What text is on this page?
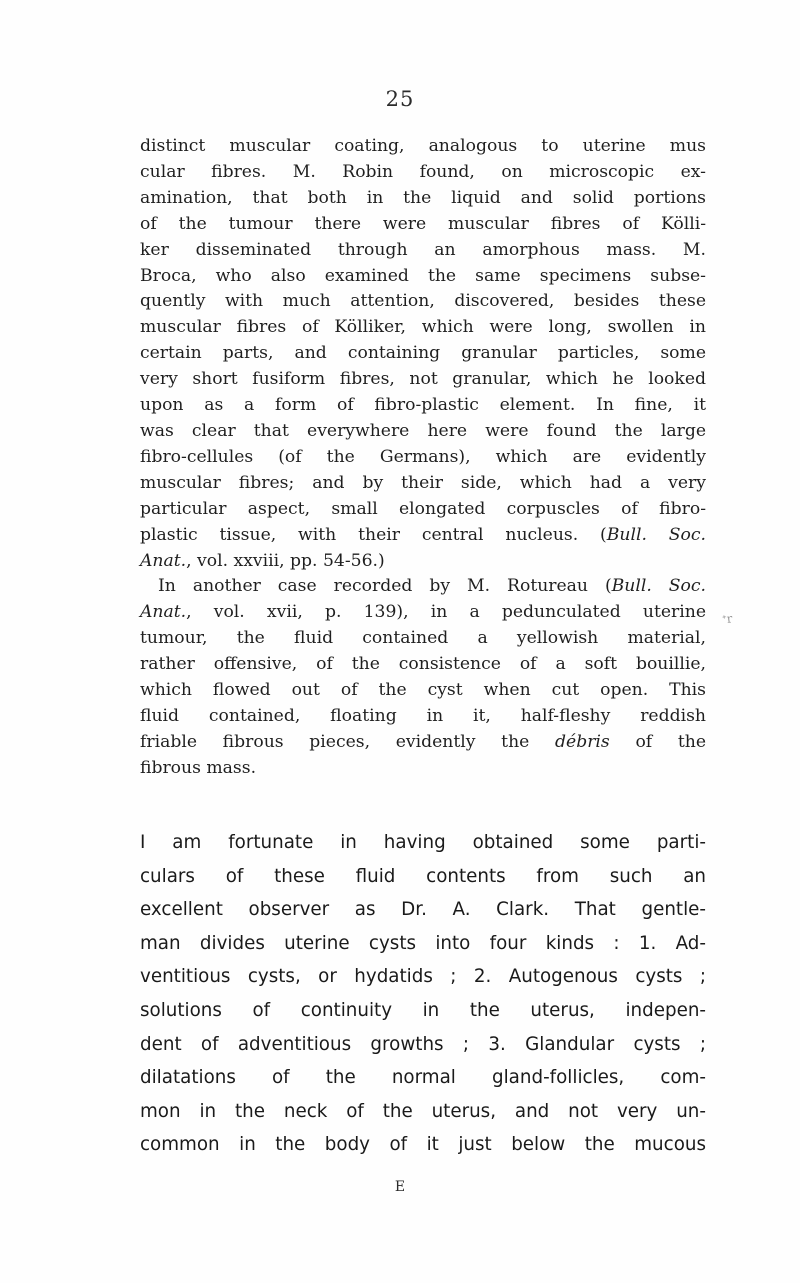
25
ᐩr
distinct muscular coating, analogous to uterine mus
cular fibres. M. Robin found, on microscopic ex-
amination, that both in the liquid and solid portions
of the tumour there were muscular fibres of Kölli-
ker disseminated through an amorphous mass. M.
Broca, who also examined the same specimens subse-
quently with much attention, discovered, besides these
muscular fibres of Kölliker, which were long, swollen in
certain parts, and containing granular particles, some
very short fusiform fibres, not granular, which he looked
upon as a form of fibro-plastic element. In fine, it
was clear that everywhere here were found the large
fibro-cellules (of the Germans), which are evidently
muscular fibres; and by their side, which had a very
particular aspect, small elongated corpuscles of fibro-
plastic tissue, with their central nucleus. (Bull. Soc.
Anat., vol. xxviii, pp. 54-56.)
In another case recorded by M. Rotureau (Bull. Soc.
Anat., vol. xvii, p. 139), in a pedunculated uterine
tumour, the fluid contained a yellowish material,
rather offensive, of the consistence of a soft bouillie,
which flowed out of the cyst when cut open. This
fluid contained, floating in it, half-fleshy reddish
friable fibrous pieces, evidently the débris of the
fibrous mass.
I am fortunate in having obtained some parti-
culars of these fluid contents from such an
excellent observer as Dr. A. Clark. That gentle-
man divides uterine cysts into four kinds : 1. Ad-
ventitious cysts, or hydatids ; 2. Autogenous cysts ;
solutions of continuity in the uterus, indepen-
dent of adventitious growths ; 3. Glandular cysts ;
dilatations of the normal gland-follicles, com-
mon in the neck of the uterus, and not very un-
common in the body of it just below the mucous
E
